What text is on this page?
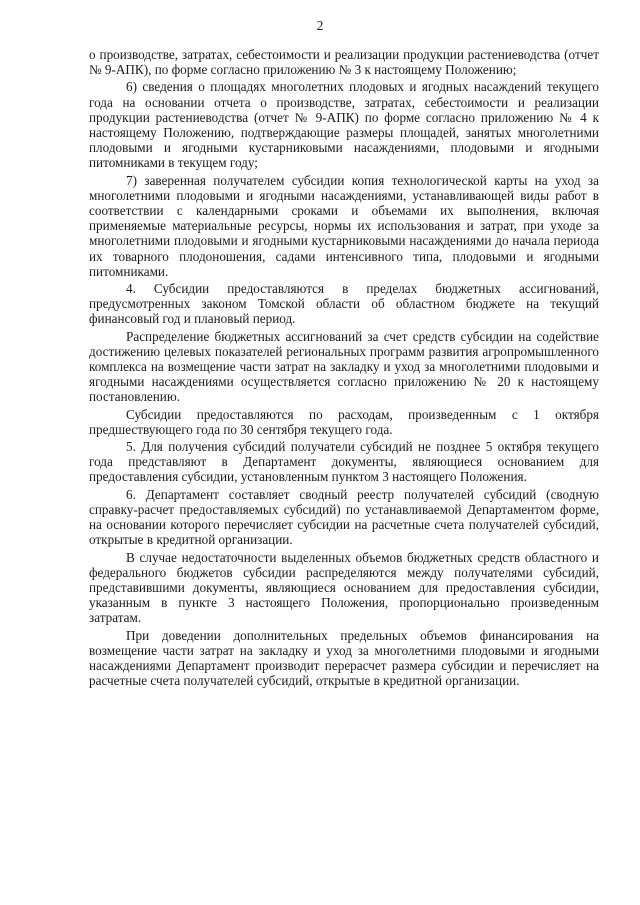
2

о производстве, затратах, себестоимости и реализации продукции растениеводства (отчет № 9-АПК), по форме согласно приложению № 3 к настоящему Положению;

6) сведения о площадях многолетних плодовых и ягодных насаждений текущего года на основании отчета о производстве, затратах, себестоимости и реализации продукции растениеводства (отчет № 9-АПК) по форме согласно приложению № 4 к настоящему Положению, подтверждающие размеры площадей, занятых многолетними плодовыми и ягодными кустарниковыми насаждениями, плодовыми и ягодными питомниками в текущем году;

7) заверенная получателем субсидии копия технологической карты на уход за многолетними плодовыми и ягодными насаждениями, устанавливающей виды работ в соответствии с календарными сроками и объемами их выполнения, включая применяемые материальные ресурсы, нормы их использования и затрат, при уходе за многолетними плодовыми и ягодными кустарниковыми насаждениями до начала периода их товарного плодоношения, садами интенсивного типа, плодовыми и ягодными питомниками.

4. Субсидии предоставляются в пределах бюджетных ассигнований, предусмотренных законом Томской области об областном бюджете на текущий финансовый год и плановый период.

Распределение бюджетных ассигнований за счет средств субсидии на содействие достижению целевых показателей региональных программ развития агропромышленного комплекса на возмещение части затрат на закладку и уход за многолетними плодовыми и ягодными насаждениями осуществляется согласно приложению № 20 к настоящему постановлению.

Субсидии предоставляются по расходам, произведенным с 1 октября предшествующего года по 30 сентября текущего года.

5. Для получения субсидий получатели субсидий не позднее 5 октября текущего года представляют в Департамент документы, являющиеся основанием для предоставления субсидии, установленным пунктом 3 настоящего Положения.

6. Департамент составляет сводный реестр получателей субсидий (сводную справку-расчет предоставляемых субсидий) по устанавливаемой Департаментом форме, на основании которого перечисляет субсидии на расчетные счета получателей субсидий, открытые в кредитной организации.

В случае недостаточности выделенных объемов бюджетных средств областного и федерального бюджетов субсидии распределяются между получателями субсидий, представившими документы, являющиеся основанием для предоставления субсидии, указанным в пункте 3 настоящего Положения, пропорционально произведенным затратам.

При доведении дополнительных предельных объемов финансирования на возмещение части затрат на закладку и уход за многолетними плодовыми и ягодными насаждениями Департамент производит перерасчет размера субсидии и перечисляет на расчетные счета получателей субсидий, открытые в кредитной организации.
